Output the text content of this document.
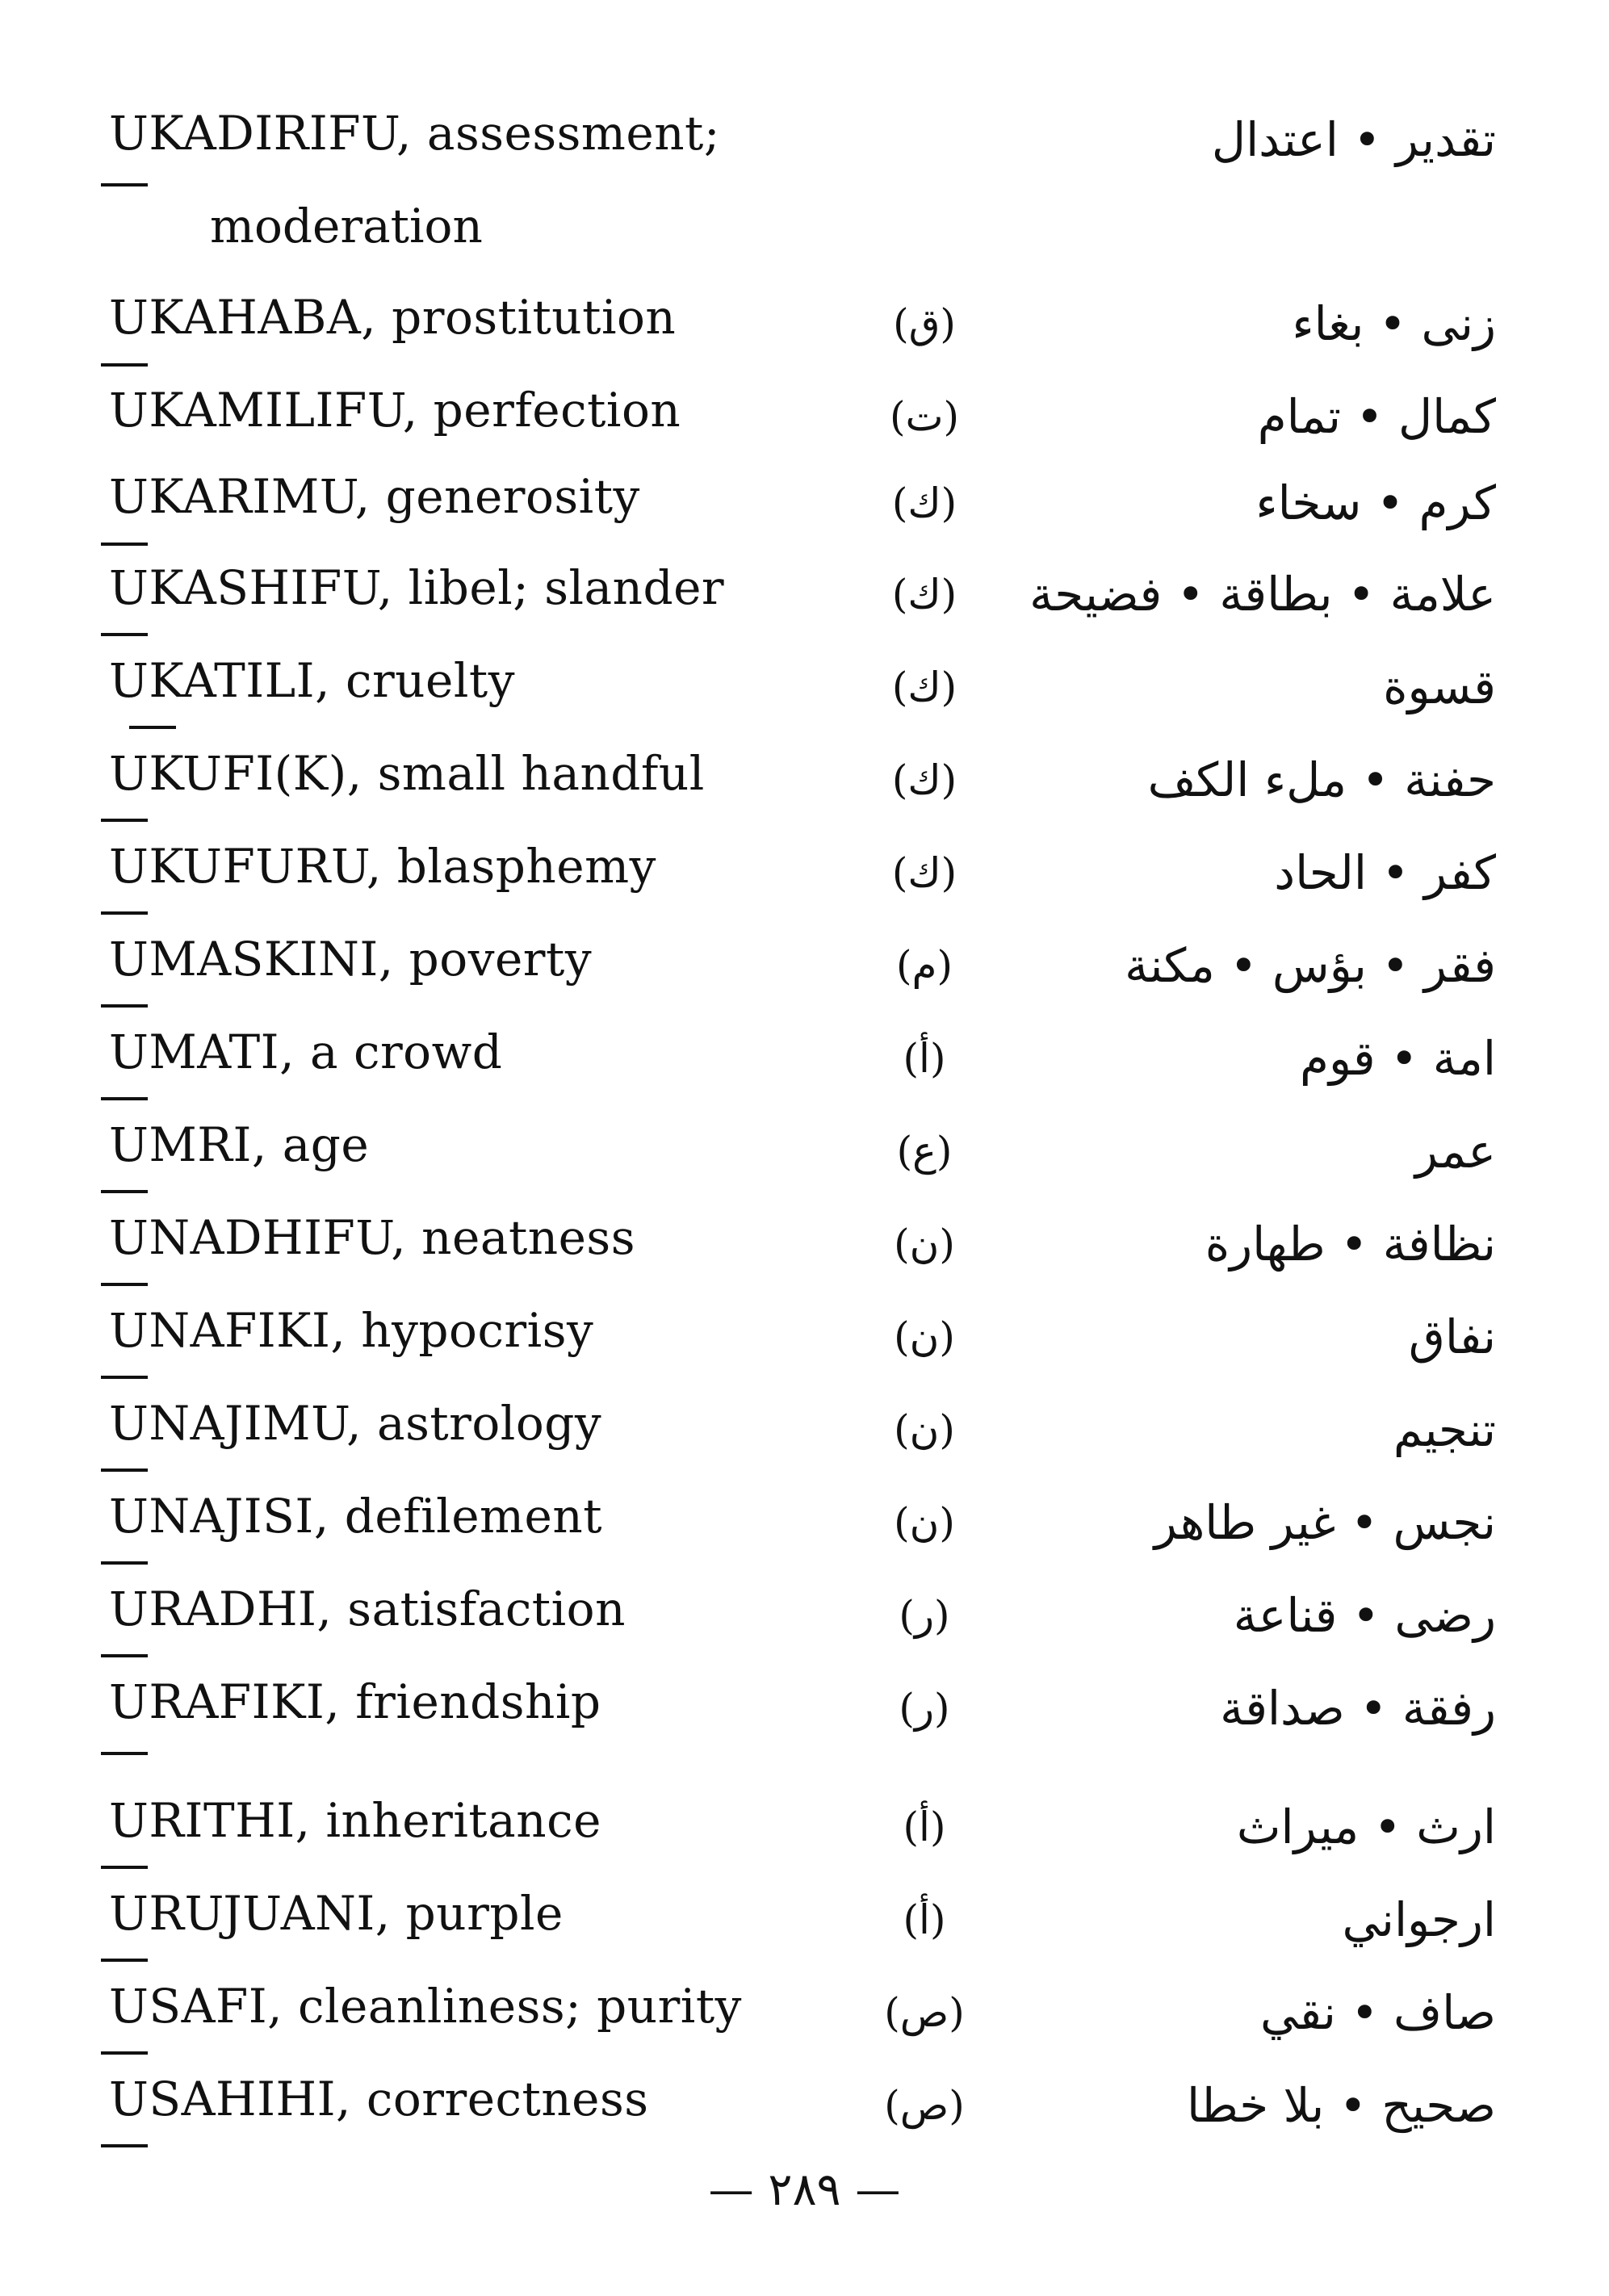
UKADIRIFU, assessment;
moderation
تقدير • اعتدال
UKAHABA, prostitution	(ق)	زنى • بغاء
UKAMILIFU, perfection	(ت)	كمال • تمام
UKARIMU, generosity	(ك)	كرم • سخاء
UKASHIFU, libel; slander	(ك) علامة • بطاقة • فضيحة
UKATILI, cruelty	(ك)	قسوة
UKUFI(K), small handful	(ك)	حفنة • ملء الكف
UKUFURU, blasphemy	(ك)	كفر • الحاد
UMASKINI, poverty	(م)	فقر • بؤس • مكنة
UMATI, a crowd	(أ)	امة • قوم
UMRI, age	(ع)	عمر
UNADHIFU, neatness	(ن)	نظافة • طهارة
UNAFIKI, hypocrisy	(ن)	نفاق
UNAJIMU, astrology	(ن)	تنجيم
UNAJISI, defilement	(ن)	نجس • غير طاهر
URADHI, satisfaction	(ر)	رضى • قناعة
URAFIKI, friendship	(ر)	رفقة • صداقة
URITHI, inheritance	(أ)	ارث • ميراث
URUJUANI, purple	(أ)	ارجواني
USAFI, cleanliness; purity	(ص)	صاف • نقي
USAHIHI, correctness	(ص)	صحيح • بلا خطا
— ٢٨٩ —
